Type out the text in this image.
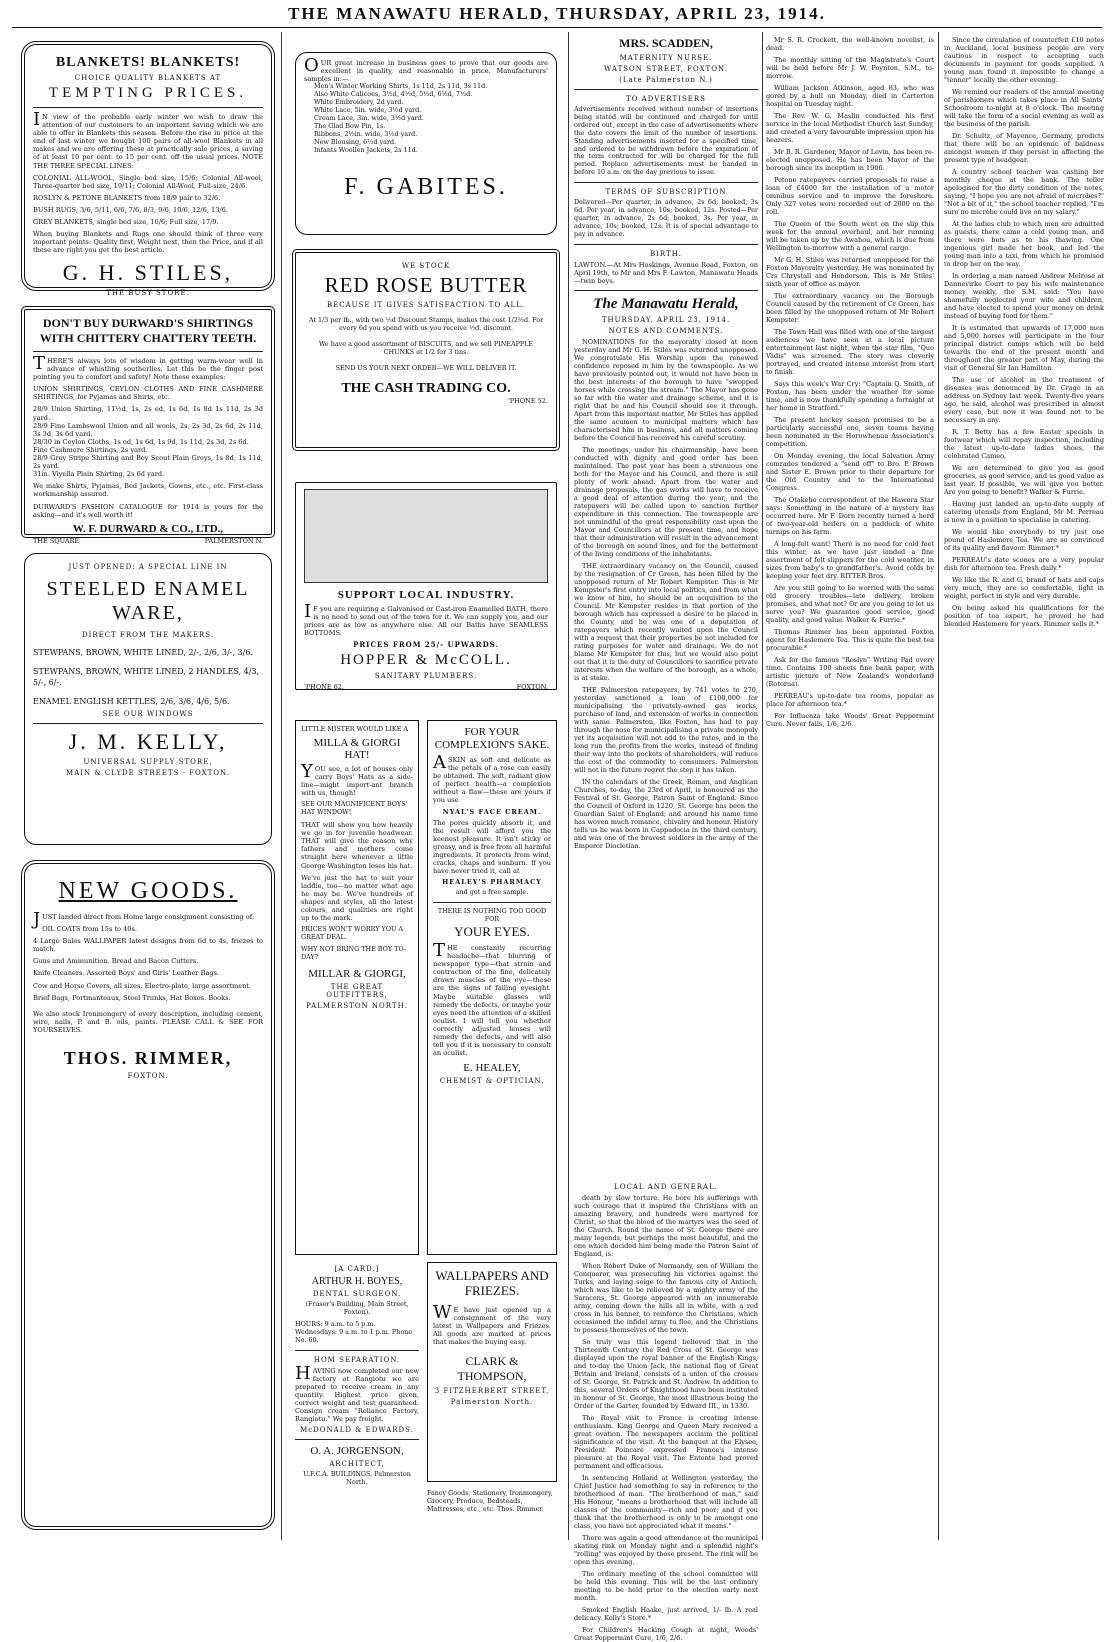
THE MANAWATU HERALD, THURSDAY, APRIL 23, 1914.
BLANKETS! BLANKETS!
CHOICE QUALITY BLANKETS AT
TEMPTING PRICES.

IN view of the probable early winter we wish to draw the attention of our customers to an important saving which we are able to offer in Blankets this season. Before the rise in price at the end of last winter we bought 100 pairs of all-wool Blankets in all makes and we are offering these at practically sale prices, a saving of at least 10 per cent. to 15 per cent. off the usual prices. NOTE THE THREE SPECIAL LINES:

COLONIAL ALL-WOOL, Single bed size, 15/6; Colonial All-wool, Three-quarter bed size, 19/11; Colonial All-Wool, Full-size, 24/6.

ROSLYN & PETONE BLANKETS from 18/9 pair to 32/6.

BUSH RUGS, 3/6, 5/11, 6/6, 7/6, 8/3, 9/6, 10/6, 12/6, 13/6.

GREY BLANKETS, single bed size, 10/6; Full size, 17/9.

When buying Blankets and Rugs one should think of three very important points: Quality first, Weight next, then the Price, and if all these are right you get the best article.

G. H. STILES,
THE BUSY STORE.
DON'T BUY DURWARD'S SHIRTINGS WITH CHITTERY CHATTERY TEETH.

THERE'S always lots of wisdom in getting warm-wear well in advance of whistling southerlies. Let this be the finger post pointing you to comfort and safety! Note these examples:

UNION SHIRTINGS, CEYLON CLOTHS AND FINE CASHMERE SHIRTINGS, for Pyjamas and Shirts, etc.

28/9 Union Shirting, 11½d, 1s, 2s ed, 1s 6d, 1s 8d 1s 11d, 2s 3d yard.

28/9 Fine Lambswool Union and all wools, 2s, 2s 3d, 2s 6d, 2s 11d, 3s 3d, 3s 6d yard.

28/30 in Ceylon Cloths, 1s od, 1s 6d, 1s 9d, 1s 11d, 2s 3d, 2s 6d.

Fine Cashmere Shirtings, 2s yard.

28/9 Grey Stripe Shirting and Boy Scout Plain Greys, 1s 8d, 1s 11d, 2s yard.

31in. Viyella Plain Shirting, 2s 6d yard.

We make Shirts, Pyjamas, Bed Jackets, Gowns, etc., etc. First-class workmanship assured.

DURWARD'S FASHION CATALOGUE for 1914 is yours for the asking—and it's well worth it!

W. F. DURWARD & CO., LTD.,
THE SQUARE	PALMERSTON N.
JUST OPENED: A SPECIAL LINE IN
STEELED ENAMEL WARE,
DIRECT FROM THE MAKERS.

STEWPANS, BROWN, WHITE LINED, 2/-, 2/6, 3/-, 3/6.

STEWPANS, BROWN, WHITE LINED, 2 HANDLES, 4/3, 5/-, 6/-.

ENAMEL ENGLISH KETTLES, 2/6, 3/6, 4/6, 5/6.

SEE OUR WINDOWS
J. M. KELLY,
UNIVERSAL SUPPLY STORE,
MAIN & CLYDE STREETS - FOXTON.
NEW GOODS.

JUST landed direct from Home large consignment consisting of:

OIL COATS from 15s to 40s.

4 Large Bales WALLPAPER latest designs from 6d to 4s, friezes to match.

Guns and Ammunition. Bread and Bacon Cutters.

Knife Cleaners. Assorted Boys' and Girls' Leather Bags.

Cow and Horse Covers, all sizes. Electro-plate, large assortment.

Brief Bags, Portmanteaux, Steel Trunks, Hat Boxes. Books.

We also stock Ironmongery of every description, including cement, wire, nails, P. and B. oils, paints. PLEASE CALL & SEE FOR YOURSELVES.

THOS. RIMMER,
FOXTON.

OUR great increase in business goes to prove that our goods are excellent in quality, and reasonable in price. Manufacturers' samples in:—

Men's Winter Working Shirts, 1s 11d, 2s 11d, 3s 11d.

Also White Calicoes, 3½d, 4½d, 5½d, 6½d, 7½d.

White Embroidery, 2d yard.

White Lace, 5in. wide, 3½d yard.

Cream Lace, 3in. wide, 3½d yard.

The Glad Bow Pin, 1s.

Ribbons, 2½in. wide, 3½d yard.

New Blousing, 6½d yard.

Infants Woollen Jackets, 2s 11d.

F. GABITES.
WE STOCK
RED ROSE BUTTER
BECAUSE IT GIVES SATISFACTION TO ALL.

At 1/3 per lb., with two ½d Discount Stamps, makes the cost 1/2½d. For every 6d you spend with us you receive ½d. discount.

We have a good assortment of BISCUITS, and we sell PINEAPPLE CHUNKS at 1/2 for 3 tins.

SEND US YOUR NEXT ORDER—WE WILL DELIVER IT.

THE CASH TRADING CO.
'PHONE 52.
SUPPORT LOCAL INDUSTRY.

IF you are requiring a Galvanised or Cast-iron Enamelled BATH, there is no need to send out of the town for it. We can supply you, and our prices are as low as anywhere else. All our Baths have SEAMLESS BOTTOMS.

PRICES FROM 25/- UPWARDS.
HOPPER & McCOLL.
SANITARY PLUMBERS.
'PHONE 62.	FOXTON.

LITTLE MISTER WOULD LIKE A

MILLA & GIORGI HAT!

YOU see, a lot of houses only carry Boys' Hats as a side-line—might import-ant branch with us, though!

SEE OUR MAGNIFICENT BOYS' HAT WINDOW!

THAT will show you how heavily we go in for juvenile headwear. THAT will give the reason why fathers and mothers come straight here whenever a little George Washington loses his hat.

We've just the hat to suit your laddie, too—no matter what age he may be. We've hundreds of shapes and styles, all the latest colours, and qualities are right up to the mark.

PRICES WON'T WORRY YOU A GREAT DEAL.

WHY NOT BRING THE BOY TO-DAY?

MILLAR & GIORGI,
THE GREAT OUTFITTERS,
PALMERSTON NORTH.
FOR YOUR COMPLEXION'S SAKE.

ASKIN as soft and delicate as the petals of a rose can easily be obtained. The soft, radiant glow of perfect health—a complexion without a flaw—these are yours if you use

NYAL'S FACE CREAM.

The pores quickly absorb it, and the result will afford you the keenest pleasure. It isn't sticky or greasy, and is free from all harmful ingredients. It protects from wind, cracks, chaps and sunburn. If you have never tried it, call at

HEALEY'S PHARMACY

and get a free sample.

THERE IS NOTHING TOO GOOD FOR

YOUR EYES.

THE constantly recurring headache—that blurring of newspaper type—that strain and contraction of the fine, delicately drawn muscles of the eye—these are the signs of failing eyesight. Maybe suitable glasses will remedy the defects, or maybe your eyes need the attention of a skilled oculist. I will tell you whether correctly adjusted lenses will remedy the defects, and will also tell you if it is necessary to consult an oculist.

E. HEALEY,
CHEMIST & OPTICIAN.
[A CARD.]
ARTHUR H. BOYES,
DENTAL SURGEON.

(Fraser's Building, Main Street, Foxton).

HOURS: 9 a.m. to 5 p.m. Wednesdays: 9 a.m. to 1 p.m. Phone No. 60.

HOM SEPARATION.

HAVING now completed our new factory at Rangiotu we are prepared to receive cream in any quantity. Highest price given, correct weight and test guaranteed. Consign cream "Reliance Factory, Rangiotu." We pay freight.

McDONALD & EDWARDS.
O. A. JORGENSON,
ARCHITECT,

U.F.C.A. BUILDINGS, Palmerston North.

WALLPAPERS AND FRIEZES.

WE have just opened up a consignment of the very latest in Wallpapers and Friezes. All goods are marked at prices that makes the buying easy.

CLARK & THOMPSON,
3 FITZHERBERT STREET,
Palmerston North.

Fancy Goods, Stationery, Ironmongery, Grocery, Produce, Bedsteads, Mattresses, etc., etc. Thos. Rimmer.

MRS. SCADDEN,
MATERNITY NURSE.
WATSON STREET, FOXTON.
(Late Palmerston N.)
TO ADVERTISERS

Advertisements received without number of insertions being stated will be continued and charged for until ordered out, except in the case of advertisements where the date covers the limit of the number of insertions. Standing advertisements inserted for a specified time, and ordered to be withdrawn before the expiration of the term contracted for will be charged for the full period. Replace advertisements must be handed in before 10 a.m. on the day previous to issue.

TERMS OF SUBSCRIPTION

Delivered—Per quarter, in advance, 2s 6d; booked, 3s 6d. Per year, in advance, 10s; booked, 12s. Posted—Per quarter, in advance, 2s 6d; booked, 3s. Per year, in advance, 10s; booked, 12s. It is of special advantage to pay in advance.

BIRTH.

LAWTON.—At Mrs Hoskings, Avenue Road, Foxton, on April 19th, to Mr and Mrs F. Lawton, Manawatu Heads—twin boys.

The Manawatu Herald,
THURSDAY, APRIL 23, 1914.
NOTES AND COMMENTS.

NOMINATIONS for the mayoralty closed at noon yesterday and Mr G. H. Stiles was returned unopposed. We congratulate His Worship upon the renewed confidence reposed in him by the townspeople. As we have previously pointed out, it would not have been in the best interests of the borough to have "swopped horses while crossing the stream." The Mayor has gone so far with the water and drainage scheme, and it is right that he and his Council should see it through. Apart from this important matter, Mr Stiles has applied the same acumen to municipal matters which has characterised him in business, and all matters coming before the Council has received his careful scrutiny.

The meetings, under his chairmanship, have been conducted with dignity and good order has been maintained. The past year has been a strenuous one both for the Mayor and his Council, and there is still plenty of work ahead. Apart from the water and drainage proposals, the gas works will have to receive a good deal of attention during the year, and the ratepayers will be called upon to sanction further expenditure in this connection. The townspeople are not unmindful of the great responsibility cast upon the Mayor and Councillors at the present time, and hope that their administration will result in the advancement of the borough on sound lines, and for the betterment of the living conditions of the inhabitants.

THE extraordinary vacancy on the Council, caused by the resignation of Cr Green, has been filled by the unopposed return of Mr Robert Kempster. This is Mr Kempster's first entry into local politics, and from what we know of him, he should be an acquisition to the Council. Mr Kempster resides in that portion of the borough which has expressed a desire to be placed in the County, and he was one of a deputation of ratepayers which recently waited upon the Council with a request that their properties be not included for rating purposes for water and drainage. We do not blame Mr Kempster for this, but we would also point out that it is the duty of Councillors to sacrifice private interests when the welfare of the borough, as a whole, is at stake.

THE Palmerston ratepayers, by 741 votes to 270, yesterday sanctioned a loan of £100,000 for municipalising the privately-owned gas works, purchase of land, and extension of works in connection with same. Palmerston, like Foxton, has had to pay through the nose for municipalising a private monopoly yet its acquisition will not add to the rates, and in the long run the profits from the works, instead of finding their way into the pockets of shareholders, will reduce the cost of the commodity to consumers. Palmerston will not in the future regret the step it has taken.

IN the calendars of the Greek, Roman, and Anglican Churches, to-day, the 23rd of April, is honoured as the Festival of St. George, Patron Saint of England. Since the Council of Oxford in 1220, St. George has been the Guardian Saint of England; and around his name time has woven much romance, chivalry and honour. History tells us he was born in Cappadocia in the third century, and was one of the bravest soldiers in the army of the Emperor Diocletian.

Mr S. R. Crockett, the well-known novelist, is dead.

The monthly sitting of the Magistrate's Court will be held before Mr J. W. Poynton, S.M., to-morrow.

William Jackson Atkinson, aged 83, who was gored by a bull on Monday, died in Carterton hospital on Tuesday night.

The Rev. W. G. Maslin conducted his first service in the local Methodist Church last Sunday, and created a very favourable impression upon his hearers.

Mr B. R. Gardener, Mayor of Levin, has been re-elected unopposed. He has been Mayor of the borough since its inception in 1906.

Petone ratepayers carried proposals to raise a loan of £4000 for the installation of a motor omnibus service and to improve the foreshore. Only 327 votes were recorded out of 2000 on the roll.

The Queen of the South went on the slip this week for the annual overhaul, and her running will be taken up by the Awahou, which is due from Wellington to-morrow with a general cargo.

Mr G. H. Stiles was returned unopposed for the Foxton Mayoralty yesterday. He was nominated by Crs Chrystall and Henderson. This is Mr Stiles' sixth year of office as mayor.

The extraordinary vacancy on the Borough Council caused by the retirement of Cr Green, has been filled by the unopposed return of Mr Robert Kempster.

The Town Hall was filled with one of the largest audiences we have seen at a local picture entertainment last night, when the star film, "Quo Vadis" was screened. The story was cleverly portrayed, and created intense interest from start to finish.

Says this week's War Cry: "Captain Q. Smith, of Foxton, has been under the weather for some time, and is now thankfully spending a fortnight at her home in Stratford."

The present hockey season promises to be a particularly successful one, seven teams having been nominated in the Horowhenua Association's competition.

On Monday evening, the local Salvation Army comrades tendered a "send off" to Bro. P. Brown and Sister E. Brown prior to their departure for the Old Country and to the International Congress.

The Otakeho correspondent of the Hawera Star says: Something in the nature of a mystery has occurred here. Mr F. Dorn recently turned a herd of two-year-old heifers on a paddock of white turnips on his farm.

A long-felt want! There is no need for cold feet this winter, as we have just landed a fine assortment of felt slippers for the cold weather, in sizes from baby's to grandfather's. Avoid colds by keeping your feet dry. RITTER Bros.

Are you still going to be worried with the same old grocery troubles—late delivery, broken promises, and what not? Or are you going to let us serve you? We guarantee good service, good quality, and good value. Walker & Furrie.*

Thomas Rimmer has been appointed Foxton agent for Haslemere Tea. This is quite the best tea procurable.*

Ask for the famous "Roslyn" Writing Pad every time. Contains 100 sheets fine bank paper, with artistic picture of New Zealand's wonderland (Rotorua).

PERREAU's up-to-date tea rooms, popular as place for afternoon tea.*

For Influenza take Woods' Great Peppermint Cure. Never fails, 1/6, 2/6.

Since the circulation of counterfeit £10 notes in Auckland, local business people are very cautious in respect to accepting such documents in payment for goods supplied. A young man found it impossible to change a "tenner" locally the other evening.

We remind our readers of the annual meeting of parishioners which takes place in All Saints' Schoolroom to-night at 8 o'clock. The meeting will take the form of a social evening as well as the business of the parish.

Dr. Schultz, of Mayence, Germany, predicts that there will be an epidemic of baldness amongst women if they persist in affecting the present type of headgear.

A country school teacher was cashing her monthly cheque at the bank. The teller apologised for the dirty condition of the notes, saying, "I hope you are not afraid of microbes?" "Not a bit of it," the school teacher replied, "I'm sure no microbe could live on my salary."

At the ladies club to which men are admitted as guests, there came a cold young man, and there were bets as to his thawing. One ingenious girl made her book, and led the young man into a taxi, from which he promised to drop her on the way.

In ordering a man named Andrew Melrose at Dannevirke Court to pay his wife maintenance money weekly, the S.M. said: "You have shamefully neglected your wife and children, and have elected to spend your money on drink instead of buying food for them."

It is estimated that upwards of 17,000 men and 5,000 horses will participate in the four principal district camps which will be held towards the end of the present month and throughout the greater part of May, during the visit of General Sir Ian Hamilton.

The use of alcohol in the treatment of diseases was denounced by Dr. Crago in an address on Sydney last week. Twenty-five years ago, he said, alcohol was prescribed in almost every case, but now it was found not to be necessary in any.

R. T. Betty has a few Easter specials in footwear which will repay inspection, including the latest up-to-date ladies shoes, the celebrated Cameo.

We are determined to give you as good groceries, as good service, and as good value as last year. If possible, we will give you better. Are you going to benefit? Walker & Furrie.

Having just landed an up-to-date supply of catering utensils from England, Mr M. Perreau is now in a position to specialise in catering.

We would like everybody to try just one pound of Haslemere Tea. We are so convinced of its quality and flavour. Rimmer.*

PERREAU's date scones are a very popular dish for afternoon tea. Fresh daily.*

We like the R. and G. brand of hats and caps very much, they are so comfortable, light in weight, perfect in style and very durable.

On being asked his qualifications for the position of tea expert, he proved he had blended Haslemere for years. Rimmer sells it.*

LOCAL AND GENERAL.

death by slow torture. He bore his sufferings with such courage that it inspired the Christians with an amazing bravery, and hundreds were martyred for Christ, so that the blood of the martyrs was the seed of the Church. Round the name of St. George there are many legends, but perhaps the most beautiful, and the one which decided him being made the Patron Saint of England, is:

When Robert Duke of Normandy, son of William the Conqueror, was prosecuting his victories against the Turks, and laying seige to the famous city of Antioch, which was like to be relieved by a mighty army of the Saracens, St. George appeared with an innumerable army, coming down the hills all in white, with a red cross in his banner, to reinforce the Christians, which occasioned the infidel army to flee, and the Christians to possess themselves of the town.

So truly was this legend believed that in the Thirteenth Century the Red Cross of St. George was displayed upon the royal banner of the English Kings, and to-day the Union Jack, the national flag of Great Britain and Ireland, consists of a union of the crosses of St. George, St. Patrick and St. Andrew. In addition to this, several Orders of Knighthood have been instituted in honour of St. George, the most illustrious being the Order of the Garter, founded by Edward III., in 1330.

The Royal visit to France is creating intense enthusiasm. King George and Queen Mary received a great ovation. The newspapers acclaim the political significance of the visit. At the banquet at the Elysee, President Poincare expressed France's intense pleasure at the Royal visit. The Entente had proved permanent and efficacious.

In sentencing Holland at Wellington yesterday, the Chief Justice had something to say in reference to the brotherhood of man. "The brotherhood of man," said His Honour, "means a brotherhood that will include all classes of the community—rich and poor; and if you think that the brotherhood is only to be amongst one class, you have not appreciated what it means."

There was again a good attendance at the municipal skating rink on Monday night and a splendid night's "rolling" was enjoyed by those present. The rink will be open this evening.

The ordinary meeting of the school committee will be held this evening. This will be the last ordinary meeting to be held prior to the election early next month.

Smoked English Haake, just arrived, 1/- lb. A real delicacy. Kelly's Store.*

For Children's Hacking Cough at night, Woods' Great Peppermint Cure, 1/6, 2/6.
